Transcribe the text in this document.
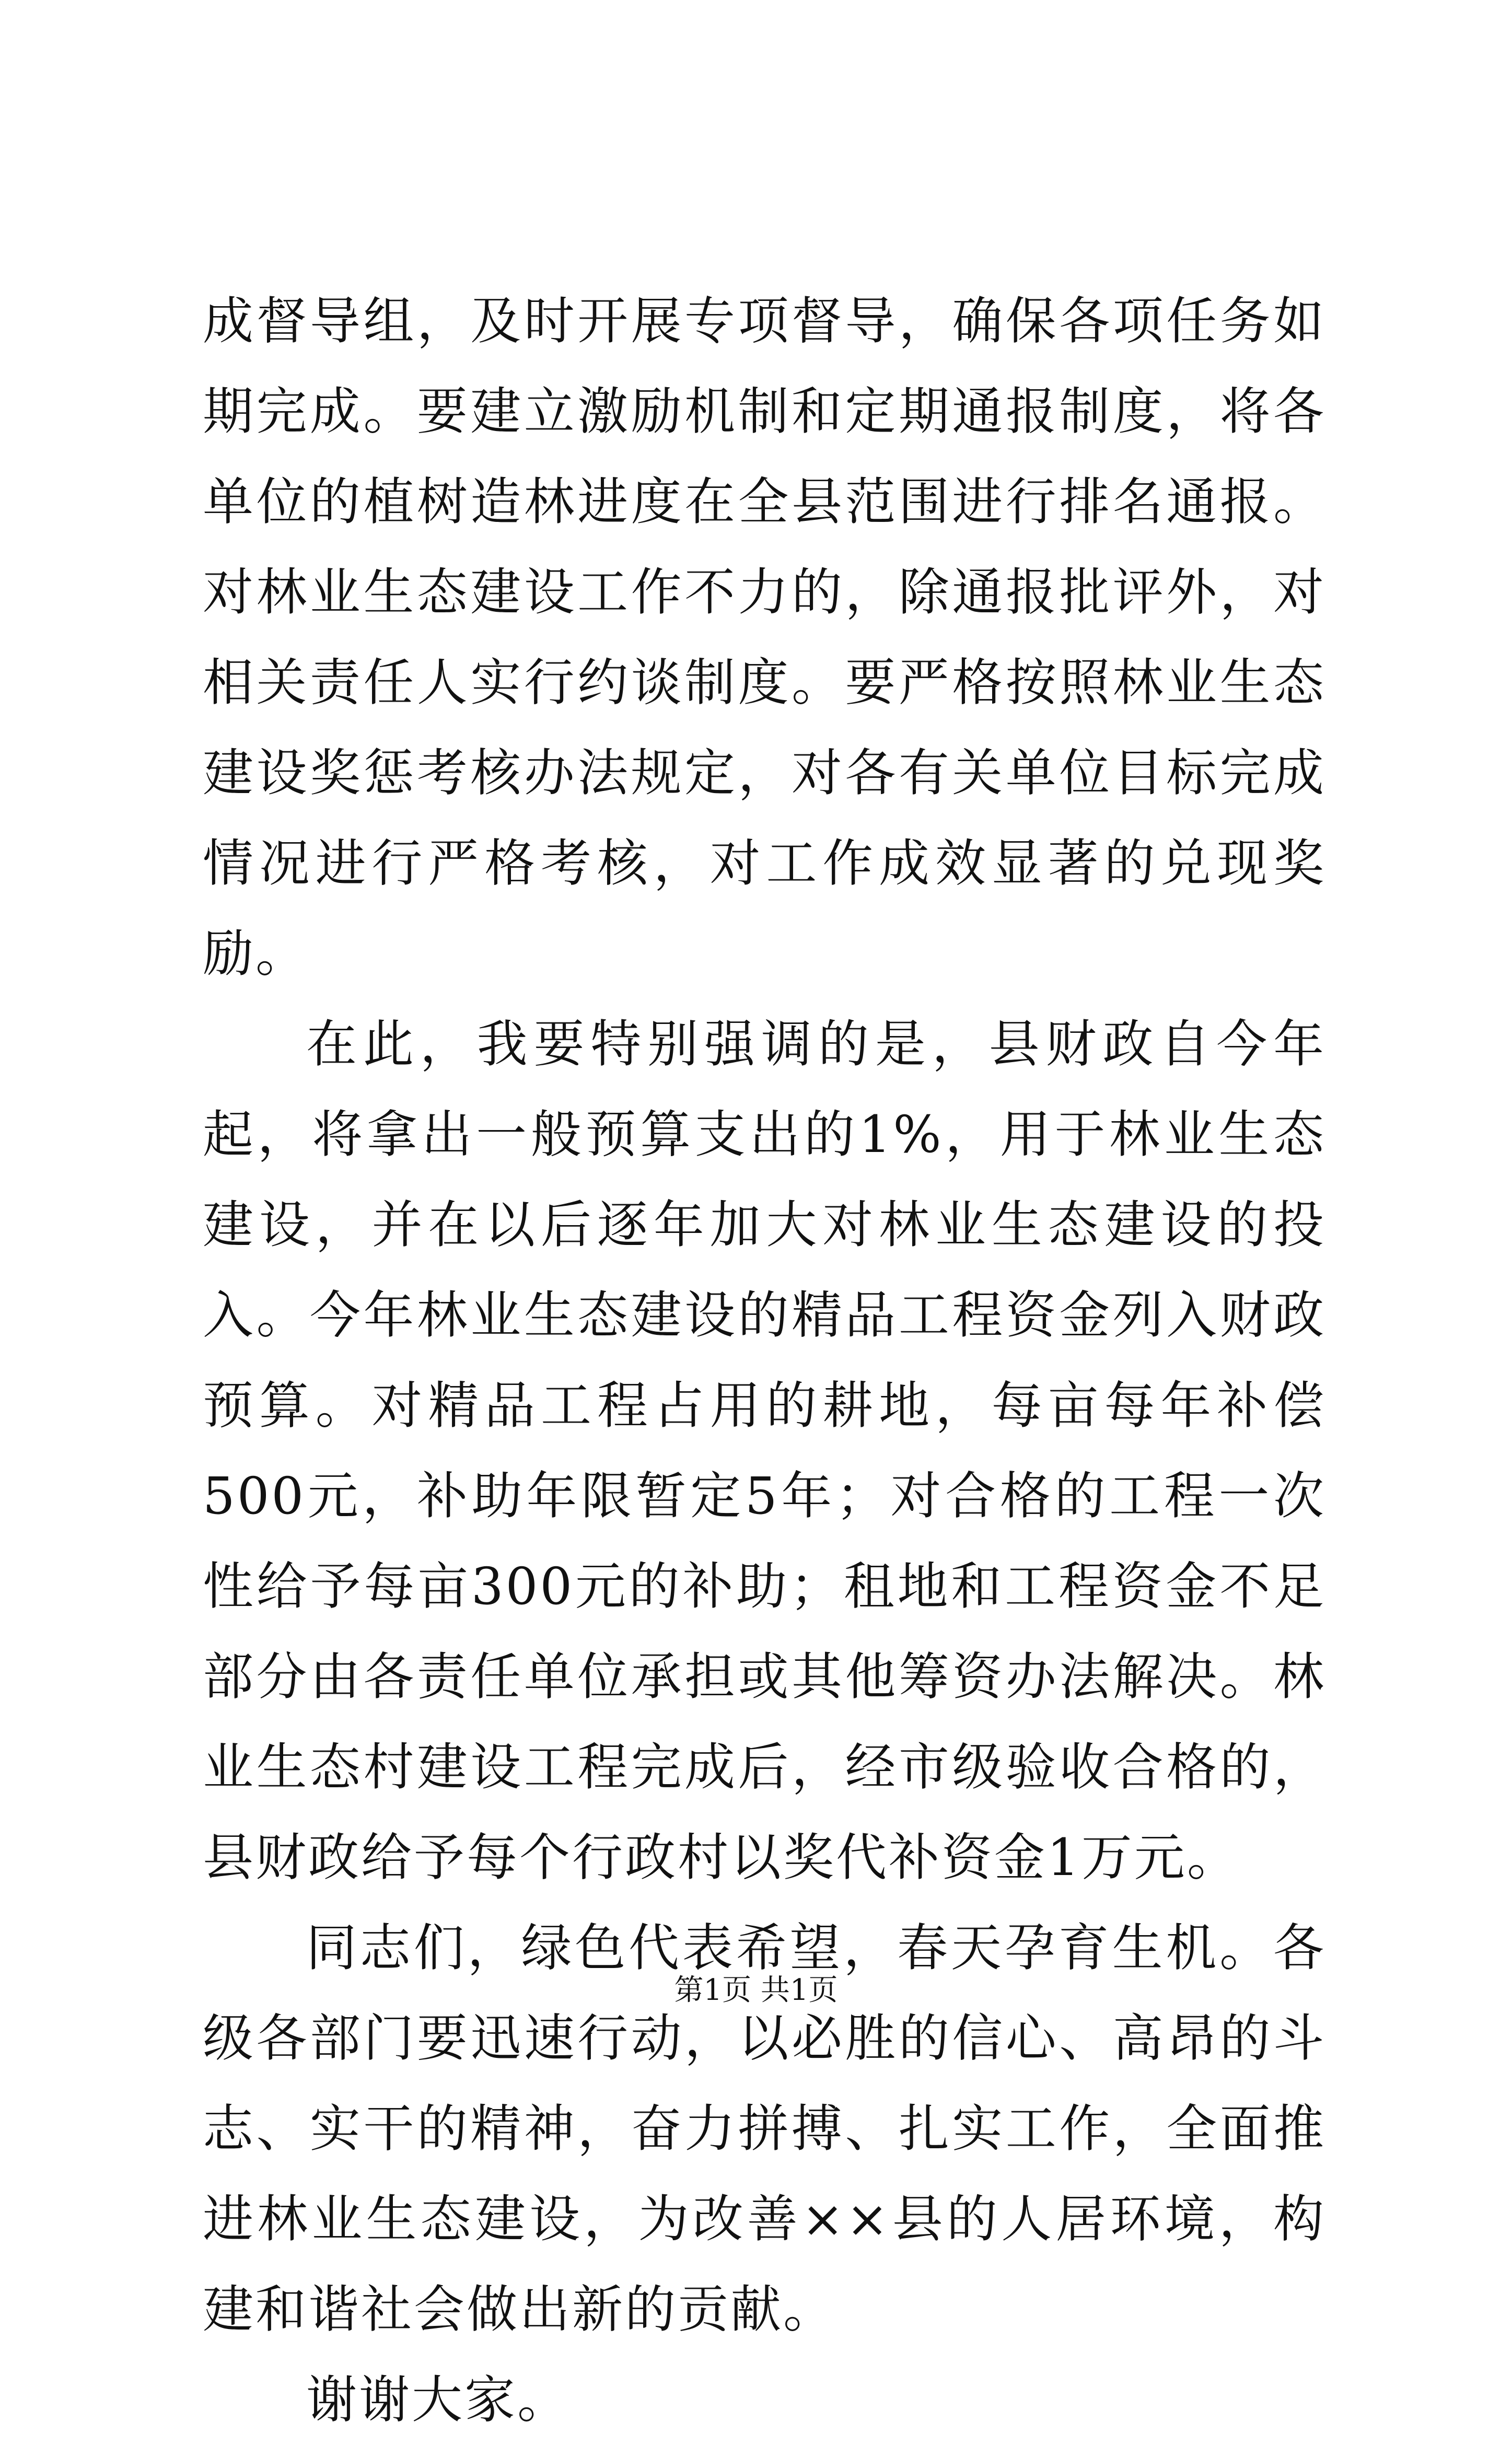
成督导组，及时开展专项督导，确保各项任务如期完成。要建立激励机制和定期通报制度，将各单位的植树造林进度在全县范围进行排名通报。对林业生态建设工作不力的，除通报批评外，对相关责任人实行约谈制度。要严格按照林业生态建设奖惩考核办法规定，对各有关单位目标完成情况进行严格考核，对工作成效显著的兑现奖励。

在此，我要特别强调的是，县财政自今年起，将拿出一般预算支出的1%，用于林业生态建设，并在以后逐年加大对林业生态建设的投入。今年林业生态建设的精品工程资金列入财政预算。对精品工程占用的耕地，每亩每年补偿500元，补助年限暂定5年；对合格的工程一次性给予每亩300元的补助；租地和工程资金不足部分由各责任单位承担或其他筹资办法解决。林业生态村建设工程完成后，经市级验收合格的，县财政给予每个行政村以奖代补资金1万元。

同志们，绿色代表希望，春天孕育生机。各级各部门要迅速行动，以必胜的信心、高昂的斗志、实干的精神，奋力拼搏、扎实工作，全面推进林业生态建设，为改善××县的人居环境，构建和谐社会做出新的贡献。

谢谢大家。

第1页 共1页
